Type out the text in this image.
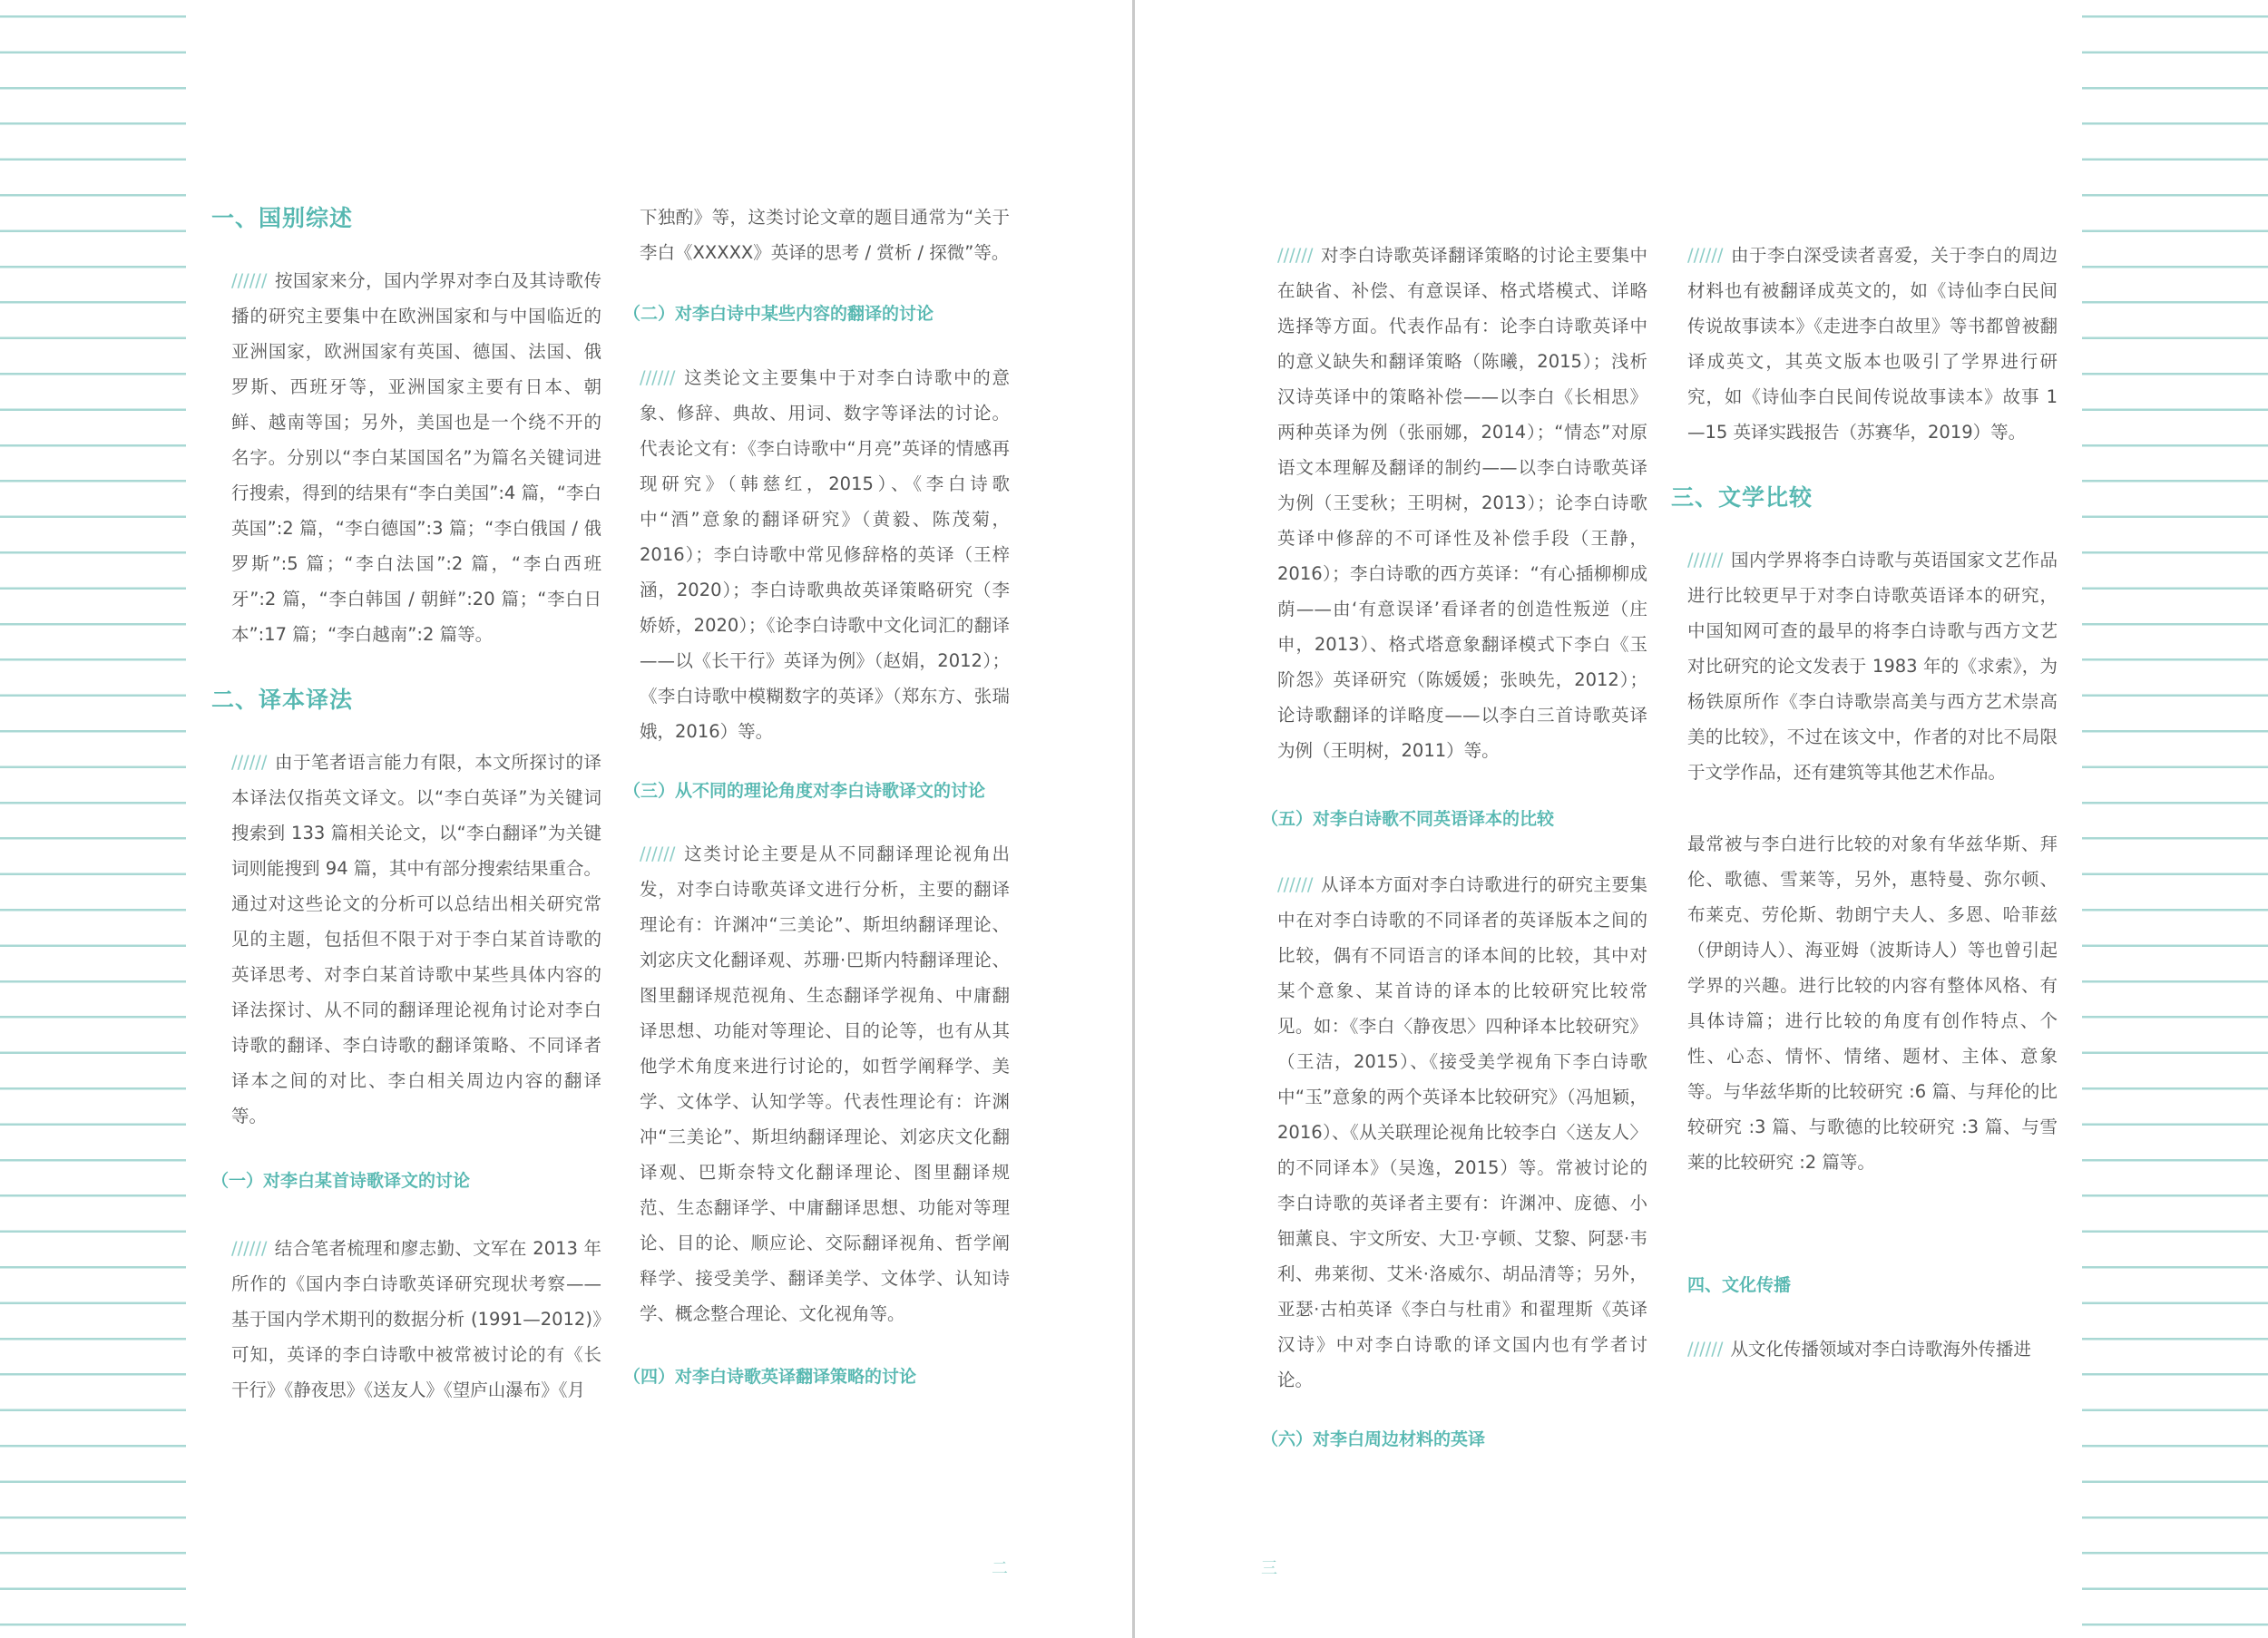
一、国别综述

////// 按国家来分，国内学界对李白及其诗歌传播的研究主要集中在欧洲国家和与中国临近的亚洲国家，欧洲国家有英国、德国、法国、俄罗斯、西班牙等，亚洲国家主要有日本、朝鲜、越南等国；另外，美国也是一个绕不开的名字。分别以“李白某国国名”为篇名关键词进行搜索，得到的结果有“李白美国”:4 篇，“李白英国”:2 篇，“李白德国”:3 篇；“李白俄国 / 俄罗斯”:5 篇；“李白法国”:2 篇，“李白西班牙”:2 篇，“李白韩国 / 朝鲜”:20 篇；“李白日本”:17 篇；“李白越南”:2 篇等。

二、译本译法

////// 由于笔者语言能力有限，本文所探讨的译本译法仅指英文译文。以“李白英译”为关键词搜索到 133 篇相关论文，以“李白翻译”为关键词则能搜到 94 篇，其中有部分搜索结果重合。通过对这些论文的分析可以总结出相关研究常见的主题，包括但不限于对于李白某首诗歌的英译思考、对李白某首诗歌中某些具体内容的译法探讨、从不同的翻译理论视角讨论对李白诗歌的翻译、李白诗歌的翻译策略、不同译者译本之间的对比、李白相关周边内容的翻译等。

（一）对李白某首诗歌译文的讨论

////// 结合笔者梳理和廖志勤、文军在 2013 年所作的《国内李白诗歌英译研究现状考察——基于国内学术期刊的数据分析 (1991—2012)》可知，英译的李白诗歌中被常被讨论的有《长干行》《静夜思》《送友人》《望庐山瀑布》《月

下独酌》等，这类讨论文章的题目通常为“关于李白《XXXXX》英译的思考 / 赏析 / 探微”等。

（二）对李白诗中某些内容的翻译的讨论

////// 这类论文主要集中于对李白诗歌中的意象、修辞、典故、用词、数字等译法的讨论。代表论文有：《李白诗歌中“月亮”英译的情感再现研究》（韩慈红，2015）、《李白诗歌中“酒”意象的翻译研究》（黄毅、陈茂菊，2016）；李白诗歌中常见修辞格的英译（王梓涵，2020）；李白诗歌典故英译策略研究（李娇娇，2020）；《论李白诗歌中文化词汇的翻译——以《长干行》英译为例》（赵娟，2012）；《李白诗歌中模糊数字的英译》（郑东方、张瑞娥，2016）等。

（三）从不同的理论角度对李白诗歌译文的讨论

////// 这类讨论主要是从不同翻译理论视角出发，对李白诗歌英译文进行分析，主要的翻译理论有：许渊冲“三美论”、斯坦纳翻译理论、刘宓庆文化翻译观、苏珊·巴斯内特翻译理论、图里翻译规范视角、生态翻译学视角、中庸翻译思想、功能对等理论、目的论等，也有从其他学术角度来进行讨论的，如哲学阐释学、美学、文体学、认知学等。代表性理论有：许渊冲“三美论”、斯坦纳翻译理论、刘宓庆文化翻译观、巴斯奈特文化翻译理论、图里翻译规范、生态翻译学、中庸翻译思想、功能对等理论、目的论、顺应论、交际翻译视角、哲学阐释学、接受美学、翻译美学、文体学、认知诗学、概念整合理论、文化视角等。

（四）对李白诗歌英译翻译策略的讨论
二

////// 对李白诗歌英译翻译策略的讨论主要集中在缺省、补偿、有意误译、格式塔模式、详略选择等方面。代表作品有：论李白诗歌英译中的意义缺失和翻译策略（陈曦，2015）；浅析汉诗英译中的策略补偿——以李白《长相思》两种英译为例（张丽娜，2014）；“情态”对原语文本理解及翻译的制约——以李白诗歌英译为例（王雯秋；王明树，2013）；论李白诗歌英译中修辞的不可译性及补偿手段（王静，2016）；李白诗歌的西方英译：“有心插柳柳成荫——由‘有意误译’看译者的创造性叛逆（庄申，2013）、格式塔意象翻译模式下李白《玉阶怨》英译研究（陈媛媛；张映先，2012）；论诗歌翻译的详略度——以李白三首诗歌英译为例（王明树，2011）等。

（五）对李白诗歌不同英语译本的比较

////// 从译本方面对李白诗歌进行的研究主要集中在对李白诗歌的不同译者的英译版本之间的比较，偶有不同语言的译本间的比较，其中对某个意象、某首诗的译本的比较研究比较常见。如：《李白〈静夜思〉四种译本比较研究》（王洁，2015）、《接受美学视角下李白诗歌中“玉”意象的两个英译本比较研究》（冯旭颖，2016）、《从关联理论视角比较李白〈送友人〉的不同译本》（吴逸，2015）等。常被讨论的李白诗歌的英译者主要有：许渊冲、庞德、小钿薰良、宇文所安、大卫·亨顿、艾黎、阿瑟·韦利、弗莱彻、艾米·洛威尔、胡品清等；另外，亚瑟·古柏英译《李白与杜甫》和翟理斯《英译汉诗》中对李白诗歌的译文国内也有学者讨论。

（六）对李白周边材料的英译

////// 由于李白深受读者喜爱，关于李白的周边材料也有被翻译成英文的，如《诗仙李白民间传说故事读本》《走进李白故里》等书都曾被翻译成英文，其英文版本也吸引了学界进行研究，如《诗仙李白民间传说故事读本》故事 1—15 英译实践报告（苏赛华，2019）等。

三、文学比较

////// 国内学界将李白诗歌与英语国家文艺作品进行比较更早于对李白诗歌英语译本的研究，中国知网可查的最早的将李白诗歌与西方文艺对比研究的论文发表于 1983 年的《求索》，为杨铁原所作《李白诗歌崇高美与西方艺术崇高美的比较》，不过在该文中，作者的对比不局限于文学作品，还有建筑等其他艺术作品。

最常被与李白进行比较的对象有华兹华斯、拜伦、歌德、雪莱等，另外，惠特曼、弥尔顿、布莱克、劳伦斯、勃朗宁夫人、多恩、哈菲兹（伊朗诗人）、海亚姆（波斯诗人）等也曾引起学界的兴趣。进行比较的内容有整体风格、有具体诗篇；进行比较的角度有创作特点、个性、心态、情怀、情绪、题材、主体、意象等。与华兹华斯的比较研究 :6 篇、与拜伦的比较研究 :3 篇、与歌德的比较研究 :3 篇、与雪莱的比较研究 :2 篇等。

四、文化传播

////// 从文化传播领域对李白诗歌海外传播进

三
